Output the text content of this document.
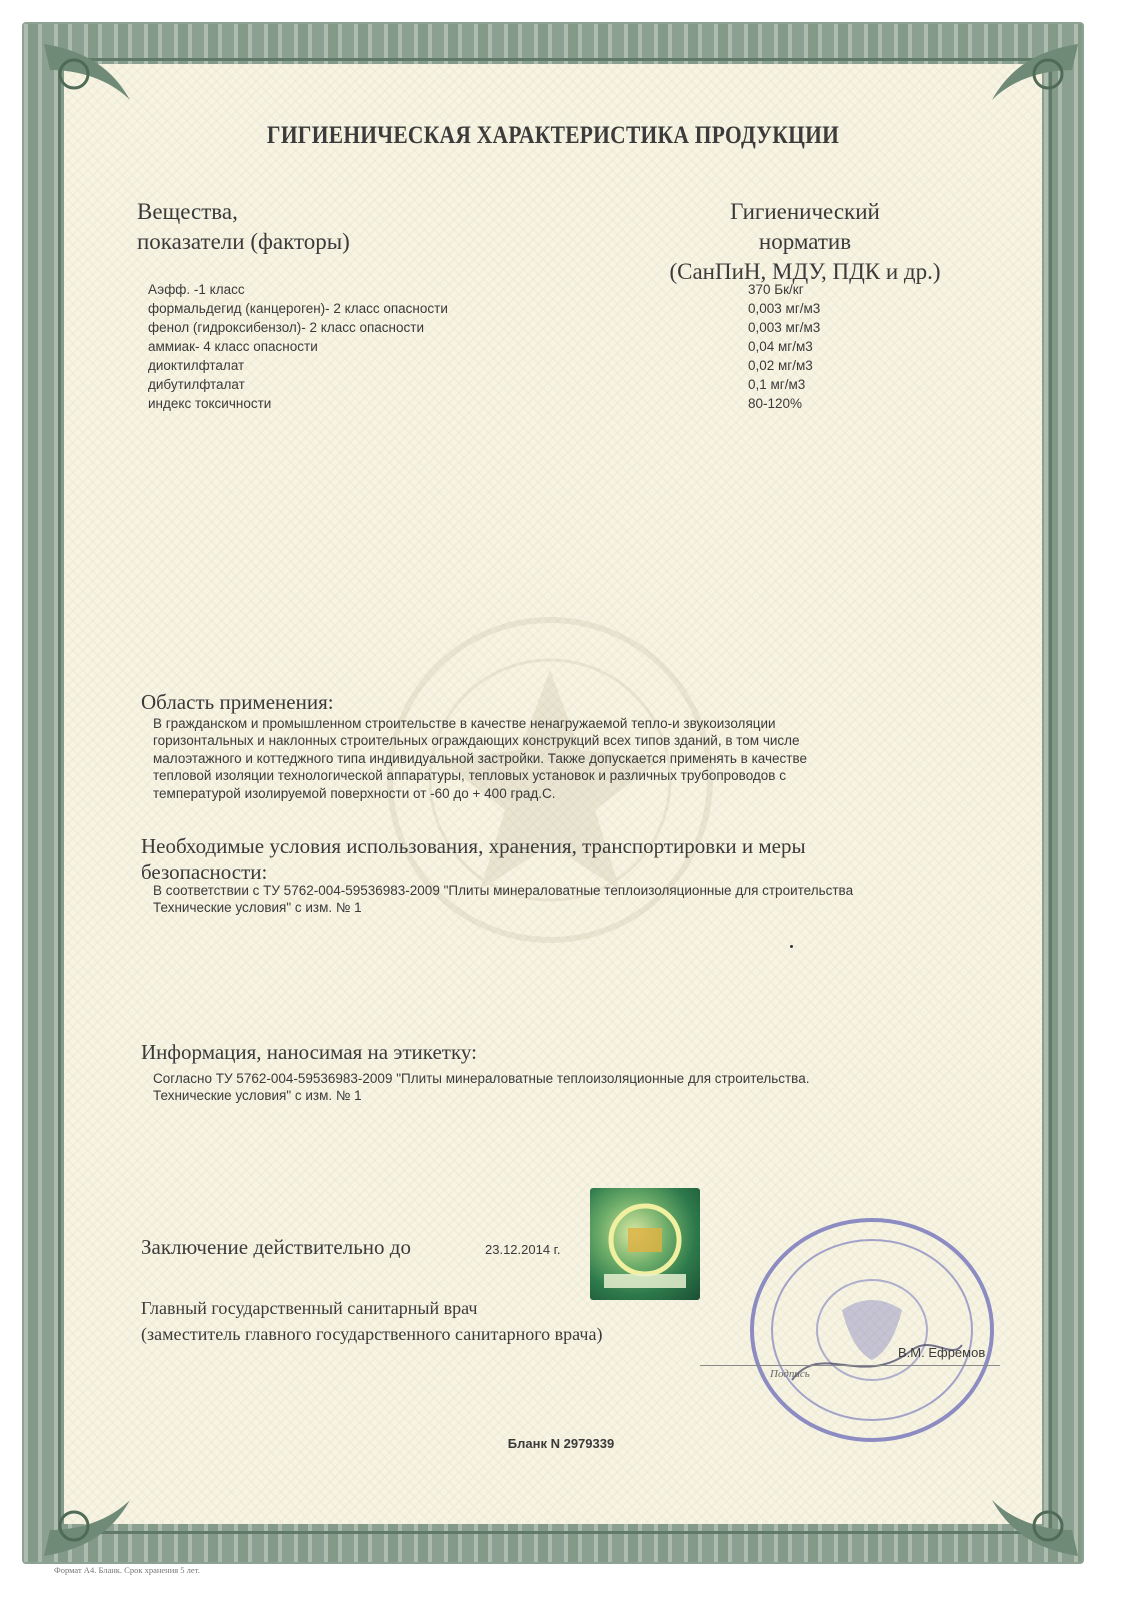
ГИГИЕНИЧЕСКАЯ ХАРАКТЕРИСТИКА ПРОДУКЦИИ
Вещества,
показатели (факторы)
Гигиенический
норматив
(СанПиН, МДУ, ПДК и др.)
Аэфф. -1 класс	370 Бк/кг
формальдегид (канцероген)- 2 класс опасности	0,003 мг/м3
фенол (гидроксибензол)- 2 класс опасности	0,003 мг/м3
аммиак- 4 класс опасности	0,04 мг/м3
диоктилфталат	0,02 мг/м3
дибутилфталат	0,1 мг/м3
индекс токсичности	80-120%
Область применения:
В гражданском и промышленном строительстве в качестве ненагружаемой тепло-и звукоизоляции
горизонтальных и наклонных строительных ограждающих конструкций всех типов зданий, в том числе
малоэтажного и коттеджного типа индивидуальной застройки. Также допускается применять в качестве
тепловой изоляции технологической аппаратуры, тепловых установок и различных трубопроводов с
температурой изолируемой поверхности от -60 до + 400 град.С.
Необходимые условия использования, хранения, транспортировки и меры
безопасности:
В соответствии с ТУ 5762-004-59536983-2009 "Плиты минераловатные теплоизоляционные для строительства
Технические условия" с изм. № 1
Информация, наносимая на этикетку:
Согласно ТУ 5762-004-59536983-2009 "Плиты минераловатные теплоизоляционные для строительства.
Технические условия" с изм. № 1
Заключение действительно до	23.12.2014 г.
Главный государственный санитарный врач
(заместитель главного государственного санитарного врача)
Подпись
В.М. Ефремов
Бланк N 2979339
Формат А4. Бланк. Срок хранения 5 лет.
